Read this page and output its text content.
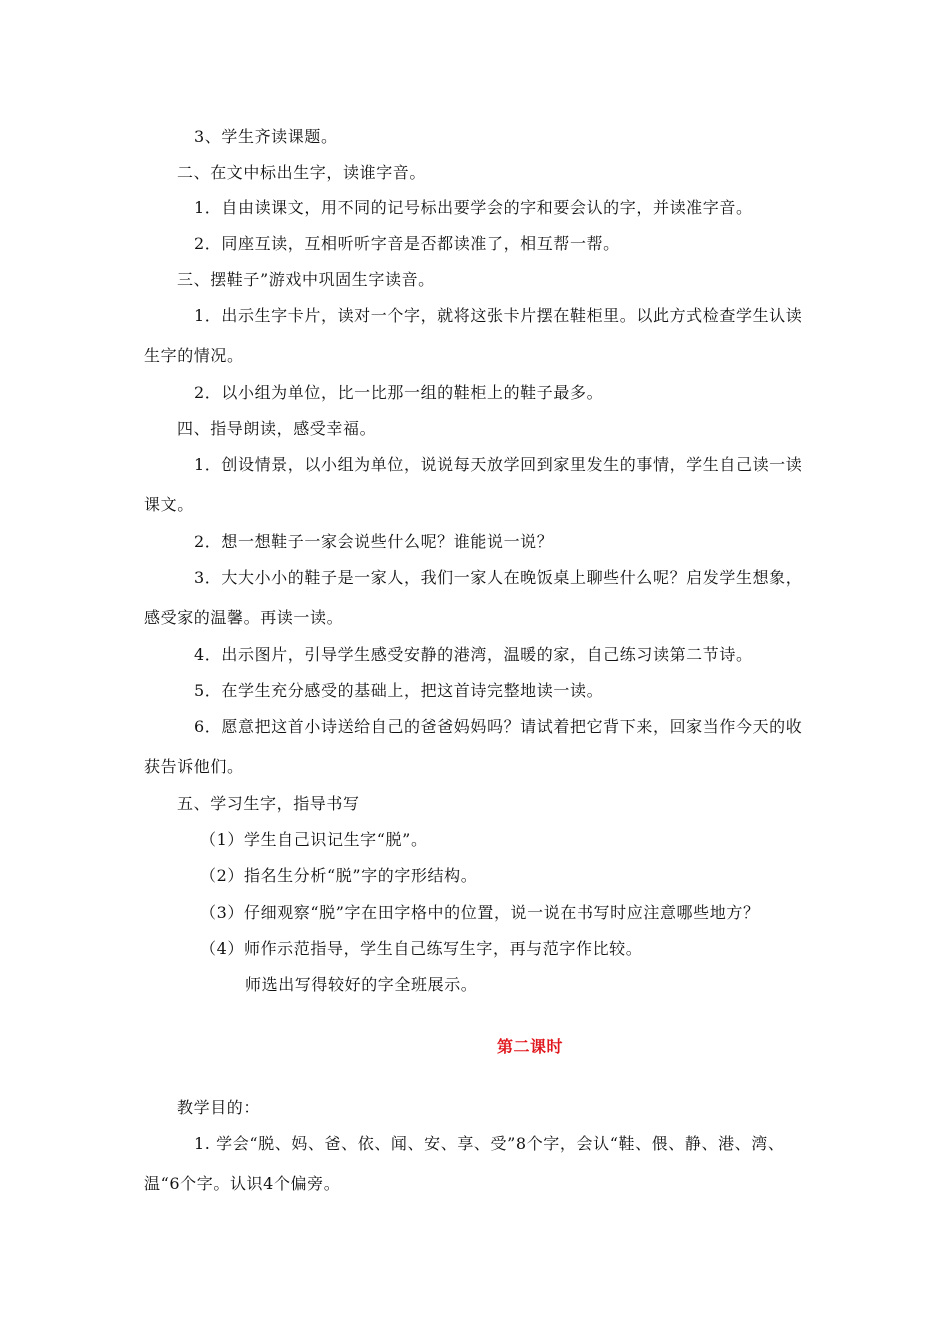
3、学生齐读课题。

二、在文中标出生字，读谁字音。

1．自由读课文，用不同的记号标出要学会的字和要会认的字，并读准字音。

2．同座互读，互相听听字音是否都读准了，相互帮一帮。

三、摆鞋子”游戏中巩固生字读音。

1．出示生字卡片，读对一个字，就将这张卡片摆在鞋柜里。以此方式检查学生认读

生字的情况。

2．以小组为单位，比一比那一组的鞋柜上的鞋子最多。

四、指导朗读，感受幸福。

1．创设情景，以小组为单位，说说每天放学回到家里发生的事情，学生自己读一读

课文。

2．想一想鞋子一家会说些什么呢？谁能说一说？

3．大大小小的鞋子是一家人，我们一家人在晚饭桌上聊些什么呢？启发学生想象，

感受家的温馨。再读一读。

4．出示图片，引导学生感受安静的港湾，温暖的家，自己练习读第二节诗。

5．在学生充分感受的基础上，把这首诗完整地读一读。

6．愿意把这首小诗送给自己的爸爸妈妈吗？请试着把它背下来，回家当作今天的收

获告诉他们。

五、学习生字，指导书写

（1）学生自己识记生字“脱”。

（2）指名生分析“脱”字的字形结构。

（3）仔细观察“脱”字在田字格中的位置，说一说在书写时应注意哪些地方？

（4）师作示范指导，学生自己练写生字，再与范字作比较。

师选出写得较好的字全班展示。

第二课时

教学目的：

1. 学会“脱、妈、爸、依、闻、安、享、受”8个字，会认“鞋、偎、静、港、湾、

温“6个字。认识4个偏旁。
